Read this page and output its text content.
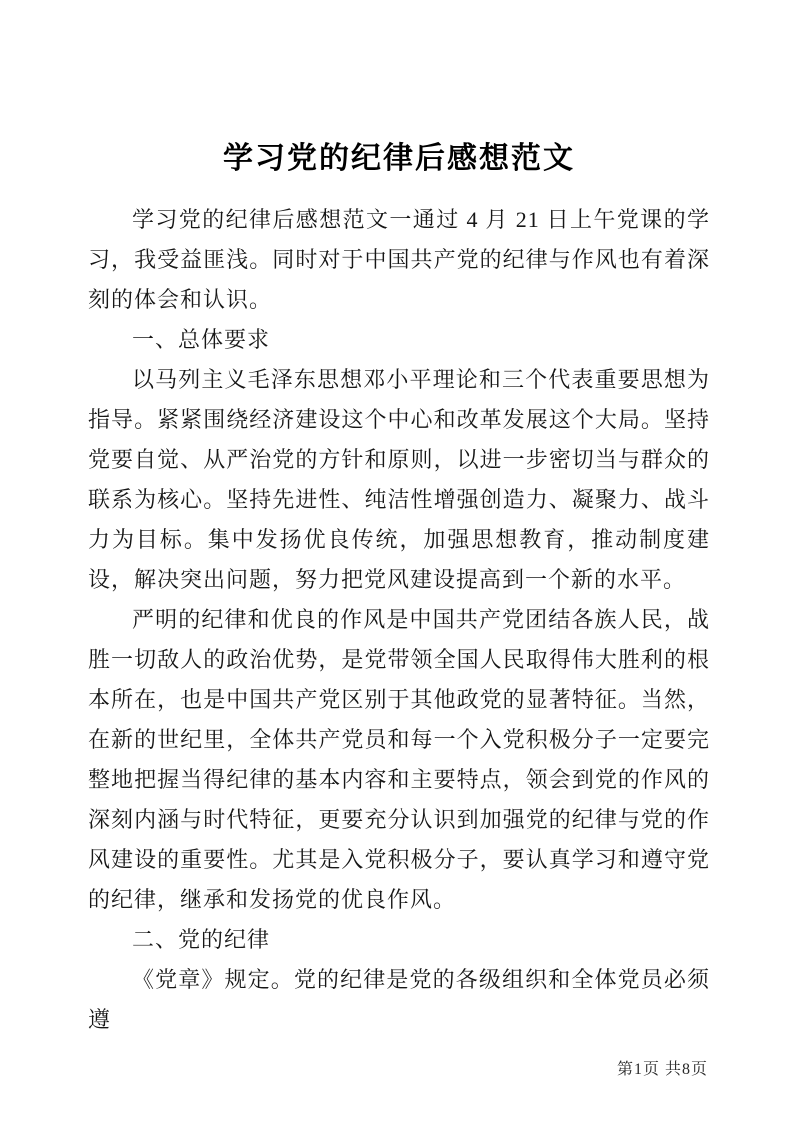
学习党的纪律后感想范文

学习党的纪律后感想范文一通过 4 月 21 日上午党课的学习，我受益匪浅。同时对于中国共产党的纪律与作风也有着深刻的体会和认识。

一、总体要求

以马列主义毛泽东思想邓小平理论和三个代表重要思想为指导。紧紧围绕经济建设这个中心和改革发展这个大局。坚持党要自觉、从严治党的方针和原则，以进一步密切当与群众的联系为核心。坚持先进性、纯洁性增强创造力、凝聚力、战斗力为目标。集中发扬优良传统，加强思想教育，推动制度建设，解决突出问题，努力把党风建设提高到一个新的水平。

严明的纪律和优良的作风是中国共产党团结各族人民，战胜一切敌人的政治优势，是党带领全国人民取得伟大胜利的根本所在，也是中国共产党区别于其他政党的显著特征。当然，在新的世纪里，全体共产党员和每一个入党积极分子一定要完整地把握当得纪律的基本内容和主要特点，领会到党的作风的深刻内涵与时代特征，更要充分认识到加强党的纪律与党的作风建设的重要性。尤其是入党积极分子，要认真学习和遵守党的纪律，继承和发扬党的优良作风。

二、党的纪律

《党章》规定。党的纪律是党的各级组织和全体党员必须遵

第1页 共8页
